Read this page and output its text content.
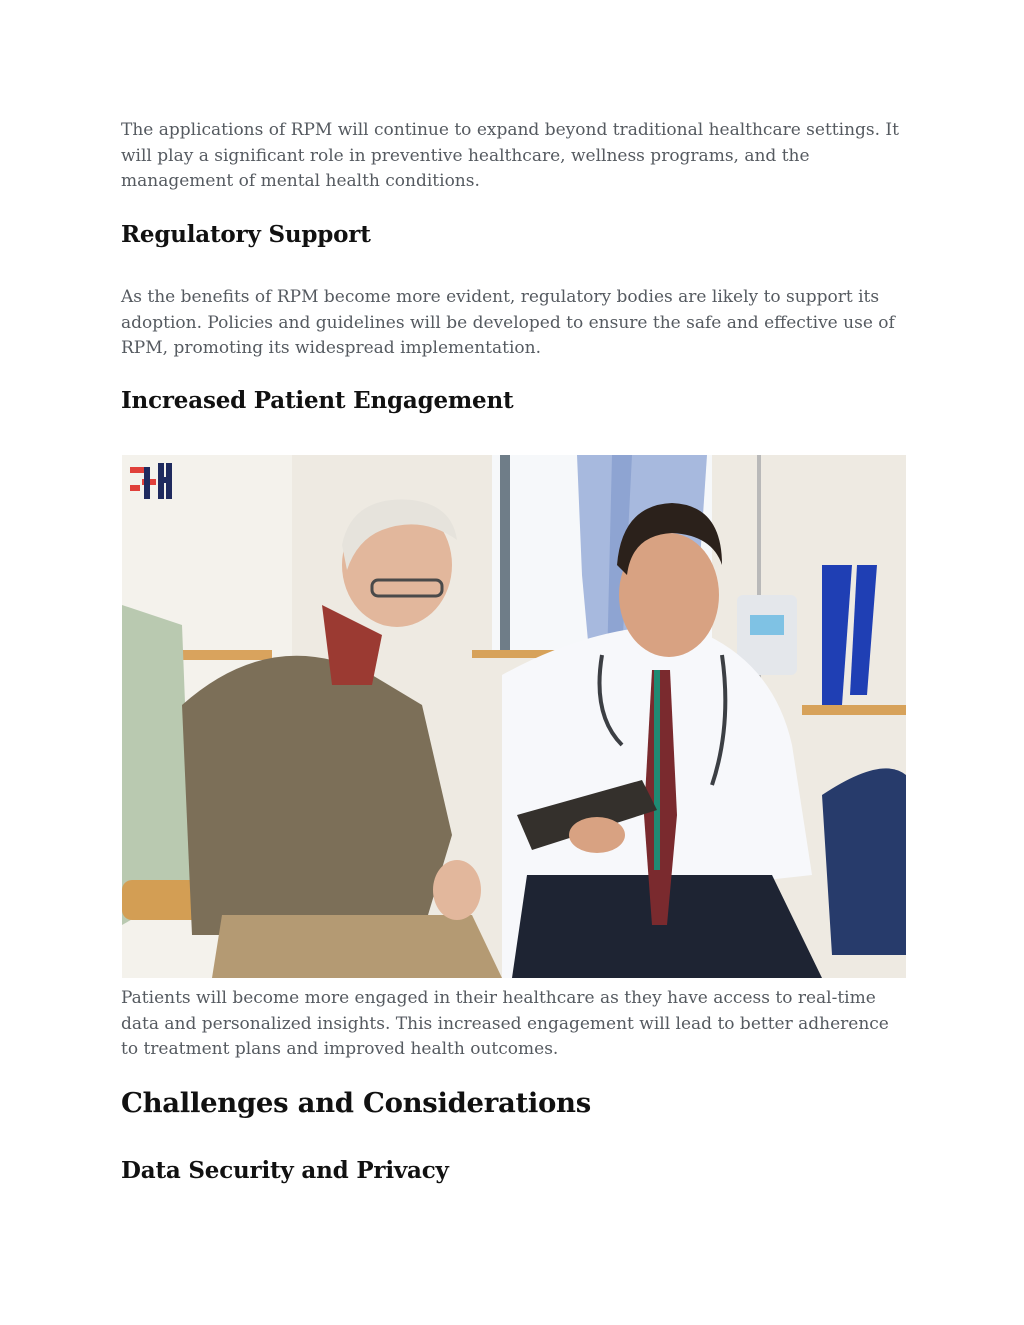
The applications of RPM will continue to expand beyond traditional healthcare settings. It will play a significant role in preventive healthcare, wellness programs, and the management of mental health conditions.

Regulatory Support

As the benefits of RPM become more evident, regulatory bodies are likely to support its adoption. Policies and guidelines will be developed to ensure the safe and effective use of RPM, promoting its widespread implementation.

Increased Patient Engagement

Patients will become more engaged in their healthcare as they have access to real-time data and personalized insights. This increased engagement will lead to better adherence to treatment plans and improved health outcomes.

Challenges and Considerations
Data Security and Privacy
